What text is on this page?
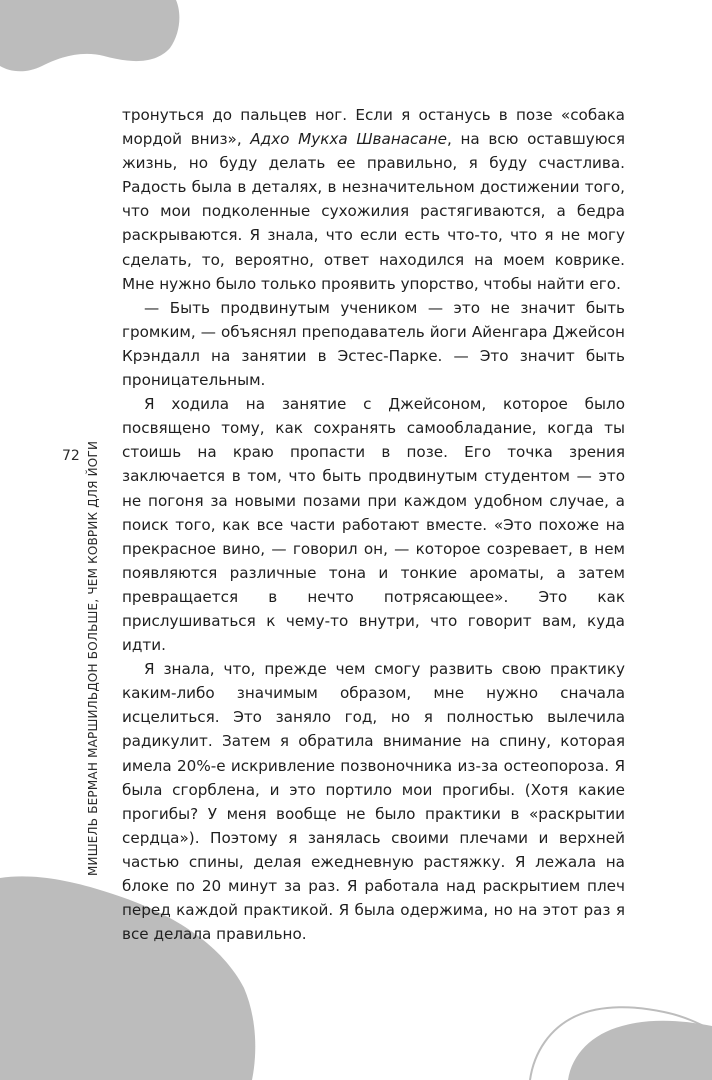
72 МИШЕЛЬ БЕРМАН МАРШИЛЬДОН БОЛЬШЕ, ЧЕМ КОВРИК ДЛЯ ЙОГИ

тронуться до пальцев ног. Если я останусь в позе «собака мордой вниз», Адхо Мукха Шванасане, на всю оставшуюся жизнь, но буду делать ее правильно, я буду счастлива. Радость была в деталях, в незначительном достижении того, что мои подколенные сухожилия растягиваются, а бедра раскрываются. Я знала, что если есть что-то, что я не могу сделать, то, вероятно, ответ находился на моем коврике. Мне нужно было только проявить упорство, чтобы найти его.

— Быть продвинутым учеником — это не значит быть громким, — объяснял преподаватель йоги Айенгара Джейсон Крэндалл на занятии в Эстес-Парке. — Это значит быть проницательным.

Я ходила на занятие с Джейсоном, которое было посвящено тому, как сохранять самообладание, когда ты стоишь на краю пропасти в позе. Его точка зрения заключается в том, что быть продвинутым студентом — это не погоня за новыми позами при каждом удобном случае, а поиск того, как все части работают вместе. «Это похоже на прекрасное вино, — говорил он, — которое созревает, в нем появляются различные тона и тонкие ароматы, а затем превращается в нечто потрясающее». Это как прислушиваться к чему-то внутри, что говорит вам, куда идти.

Я знала, что, прежде чем смогу развить свою практику каким-либо значимым образом, мне нужно сначала исцелиться. Это заняло год, но я полностью вылечила радикулит. Затем я обратила внимание на спину, которая имела 20%-е искривление позвоночника из-за остеопороза. Я была сгорблена, и это портило мои прогибы. (Хотя какие прогибы? У меня вообще не было практики в «раскрытии сердца»). Поэтому я занялась своими плечами и верхней частью спины, делая ежедневную растяжку. Я лежала на блоке по 20 минут за раз. Я работала над раскрытием плеч перед каждой практикой. Я была одержима, но на этот раз я все делала правильно.
